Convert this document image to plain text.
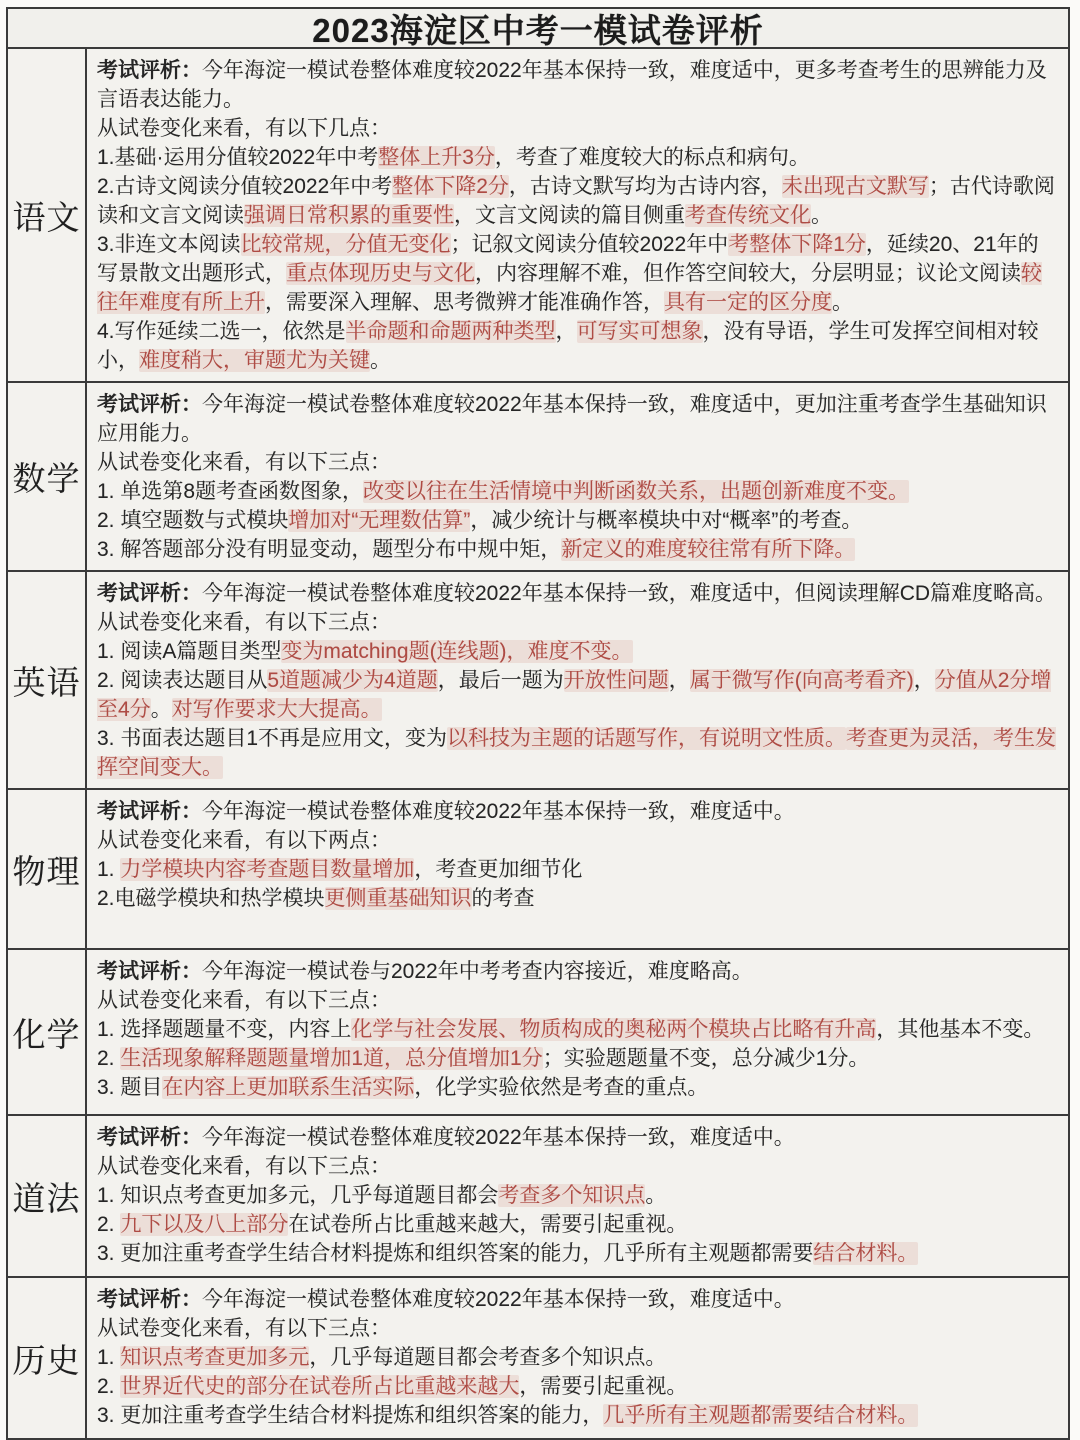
2023海淀区中考一模试卷评析
语文

考试评析：今年海淀一模试卷整体难度较2022年基本保持一致，难度适中，更多考查考生的思辨能力及言语表达能力。

从试卷变化来看，有以下几点：

1.基础·运用分值较2022年中考整体上升3分，考查了难度较大的标点和病句。

2.古诗文阅读分值较2022年中考整体下降2分，古诗文默写均为古诗内容，未出现古文默写；古代诗歌阅读和文言文阅读强调日常积累的重要性，文言文阅读的篇目侧重考查传统文化。

3.非连文本阅读比较常规，分值无变化；记叙文阅读分值较2022年中考整体下降1分，延续20、21年的写景散文出题形式，重点体现历史与文化，内容理解不难，但作答空间较大，分层明显；议论文阅读较往年难度有所上升，需要深入理解、思考微辨才能准确作答，具有一定的区分度。

4.写作延续二选一，依然是半命题和命题两种类型，可写实可想象，没有导语，学生可发挥空间相对较小，难度稍大，审题尤为关键。

数学

考试评析：今年海淀一模试卷整体难度较2022年基本保持一致，难度适中，更加注重考查学生基础知识应用能力。

从试卷变化来看，有以下三点：

1. 单选第8题考查函数图象，改变以往在生活情境中判断函数关系，出题创新难度不变。

2. 填空题数与式模块增加对“无理数估算”，减少统计与概率模块中对“概率”的考查。

3. 解答题部分没有明显变动，题型分布中规中矩，新定义的难度较往常有所下降。

英语

考试评析：今年海淀一模试卷整体难度较2022年基本保持一致，难度适中，但阅读理解CD篇难度略高。

从试卷变化来看，有以下三点：

1. 阅读A篇题目类型变为matching题(连线题)，难度不变。

2. 阅读表达题目从5道题减少为4道题，最后一题为开放性问题，属于微写作(向高考看齐)，分值从2分增至4分。对写作要求大大提高。

3. 书面表达题目1不再是应用文，变为以科技为主题的话题写作，有说明文性质。考查更为灵活，考生发挥空间变大。

物理

考试评析：今年海淀一模试卷整体难度较2022年基本保持一致，难度适中。

从试卷变化来看，有以下两点：

1. 力学模块内容考查题目数量增加，考查更加细节化

2.电磁学模块和热学模块更侧重基础知识的考查

化学

考试评析：今年海淀一模试卷与2022年中考考查内容接近，难度略高。

从试卷变化来看，有以下三点：

1. 选择题题量不变，内容上化学与社会发展、物质构成的奥秘两个模块占比略有升高，其他基本不变。

2. 生活现象解释题题量增加1道，总分值增加1分；实验题题量不变，总分减少1分。

3. 题目在内容上更加联系生活实际，化学实验依然是考查的重点。

道法

考试评析：今年海淀一模试卷整体难度较2022年基本保持一致，难度适中。

从试卷变化来看，有以下三点：

1. 知识点考查更加多元，几乎每道题目都会考查多个知识点。

2. 九下以及八上部分在试卷所占比重越来越大，需要引起重视。

3. 更加注重考查学生结合材料提炼和组织答案的能力，几乎所有主观题都需要结合材料。

历史

考试评析：今年海淀一模试卷整体难度较2022年基本保持一致，难度适中。

从试卷变化来看，有以下三点：

1. 知识点考查更加多元，几乎每道题目都会考查多个知识点。

2. 世界近代史的部分在试卷所占比重越来越大，需要引起重视。

3. 更加注重考查学生结合材料提炼和组织答案的能力，几乎所有主观题都需要结合材料。
